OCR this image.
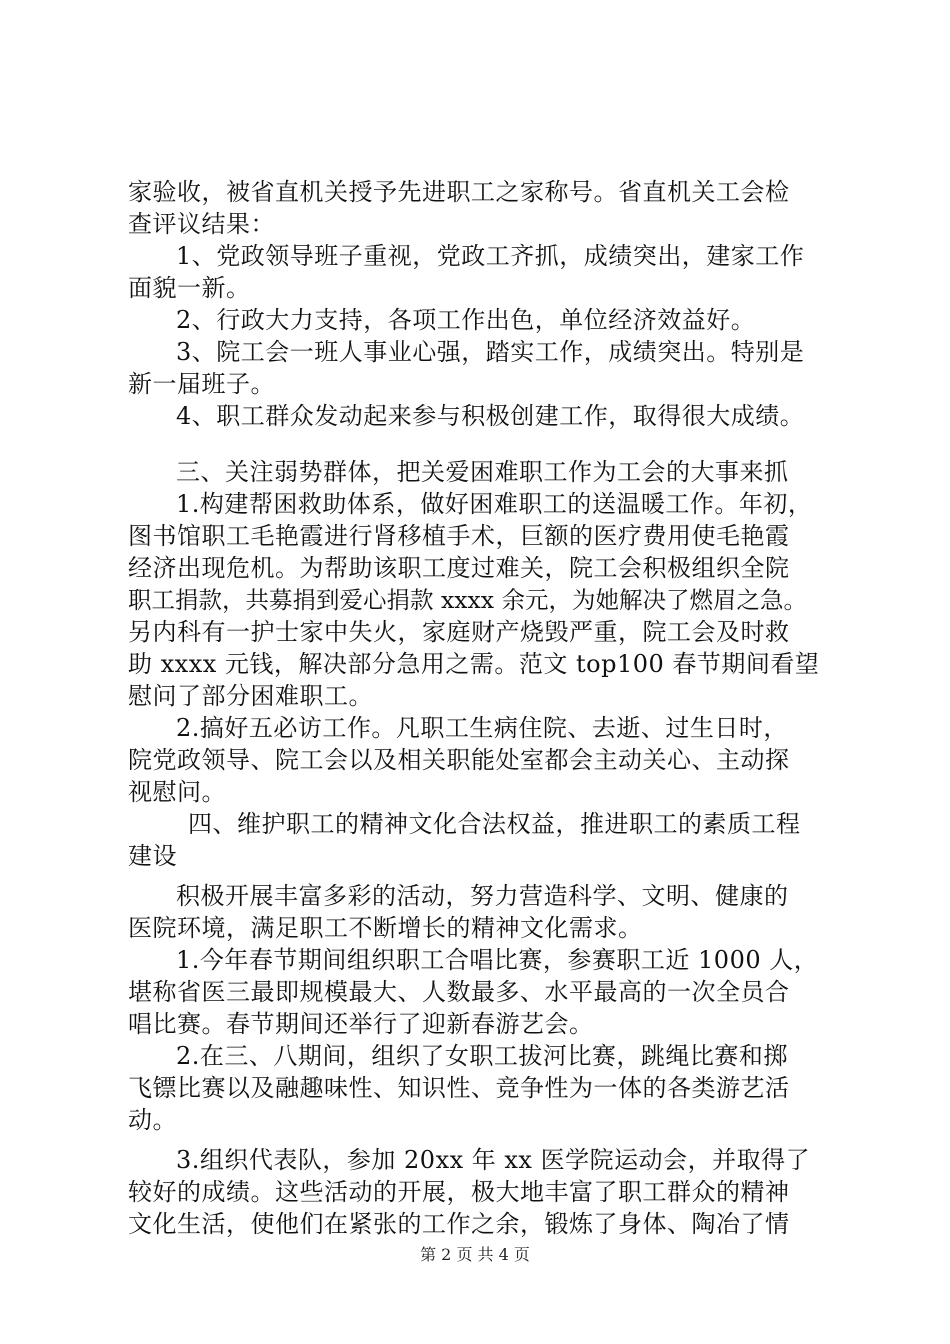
家验收，被省直机关授予先进职工之家称号。省直机关工会检
查评议结果：
1、党政领导班子重视，党政工齐抓，成绩突出，建家工作
面貌一新。
2、行政大力支持，各项工作出色，单位经济效益好。
3、院工会一班人事业心强，踏实工作，成绩突出。特别是
新一届班子。
4、职工群众发动起来参与积极创建工作，取得很大成绩。
三、关注弱势群体，把关爱困难职工作为工会的大事来抓
1.构建帮困救助体系，做好困难职工的送温暖工作。年初，
图书馆职工毛艳霞进行肾移植手术，巨额的医疗费用使毛艳霞
经济出现危机。为帮助该职工度过难关，院工会积极组织全院
职工捐款，共募捐到爱心捐款 xxxx 余元，为她解决了燃眉之急。
另内科有一护士家中失火，家庭财产烧毁严重，院工会及时救
助 xxxx 元钱，解决部分急用之需。范文 top100 春节期间看望
慰问了部分困难职工。
2.搞好五必访工作。凡职工生病住院、去逝、过生日时，
院党政领导、院工会以及相关职能处室都会主动关心、主动探
视慰问。
四、维护职工的精神文化合法权益，推进职工的素质工程
建设
积极开展丰富多彩的活动，努力营造科学、文明、健康的
医院环境，满足职工不断增长的精神文化需求。
1.今年春节期间组织职工合唱比赛，参赛职工近 1000 人，
堪称省医三最即规模最大、人数最多、水平最高的一次全员合
唱比赛。春节期间还举行了迎新春游艺会。
2.在三、八期间，组织了女职工拔河比赛，跳绳比赛和掷
飞镖比赛以及融趣味性、知识性、竞争性为一体的各类游艺活
动。
3.组织代表队，参加 20xx 年 xx 医学院运动会，并取得了
较好的成绩。这些活动的开展，极大地丰富了职工群众的精神
文化生活，使他们在紧张的工作之余，锻炼了身体、陶冶了情
第 2 页 共 4 页
